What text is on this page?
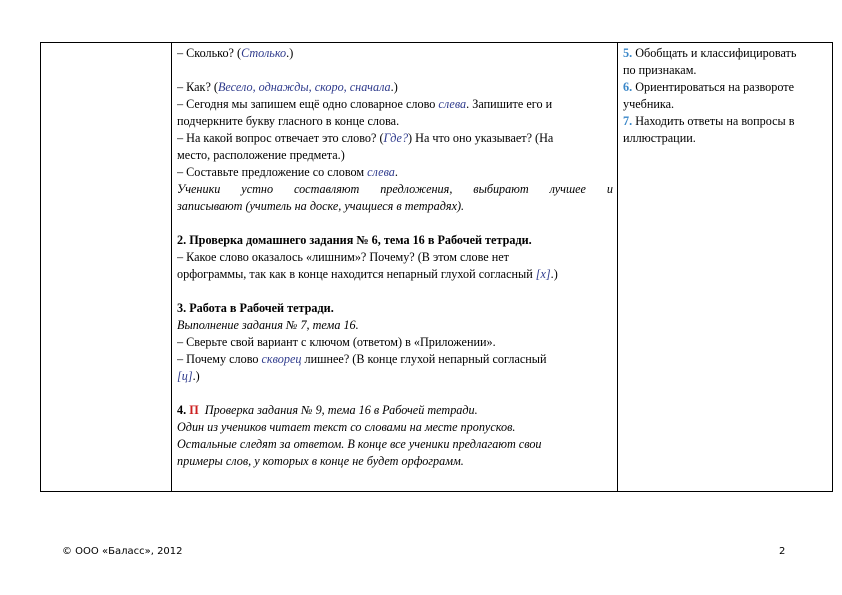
– Сколько? (Столько.)
– Как? (Весело, однажды, скоро, сначала.)
– Сегодня мы запишем ещё одно словарное слово слева. Запишите его и
подчеркните букву гласного в конце слова.
– На какой вопрос отвечает это слово? (Где?) На что оно указывает? (На
место, расположение предмета.)
– Составьте предложение со словом слева.
Ученики устно составляют предложения, выбирают лучшее и
записывают (учитель на доске, учащиеся в тетрадях).
2. Проверка домашнего задания № 6, тема 16 в Рабочей тетради.
– Какое слово оказалось «лишним»? Почему? (В этом слове нет
орфограммы, так как в конце находится непарный глухой согласный [х].)
3. Работа в Рабочей тетради.
Выполнение задания № 7, тема 16.
– Сверьте свой вариант с ключом (ответом) в «Приложении».
– Почему слово скворец лишнее? (В конце глухой непарный согласный
[ц].)
4. П Проверка задания № 9, тема 16 в Рабочей тетради.
Один из учеников читает текст со словами на месте пропусков.
Остальные следят за ответом. В конце все ученики предлагают свои
примеры слов, у которых в конце не будет орфограмм.

5. Обобщать и классифицировать
по признакам.
6. Ориентироваться на развороте
учебника.
7. Находить ответы на вопросы в
иллюстрации.
© ООО «Баласс», 2012	2
